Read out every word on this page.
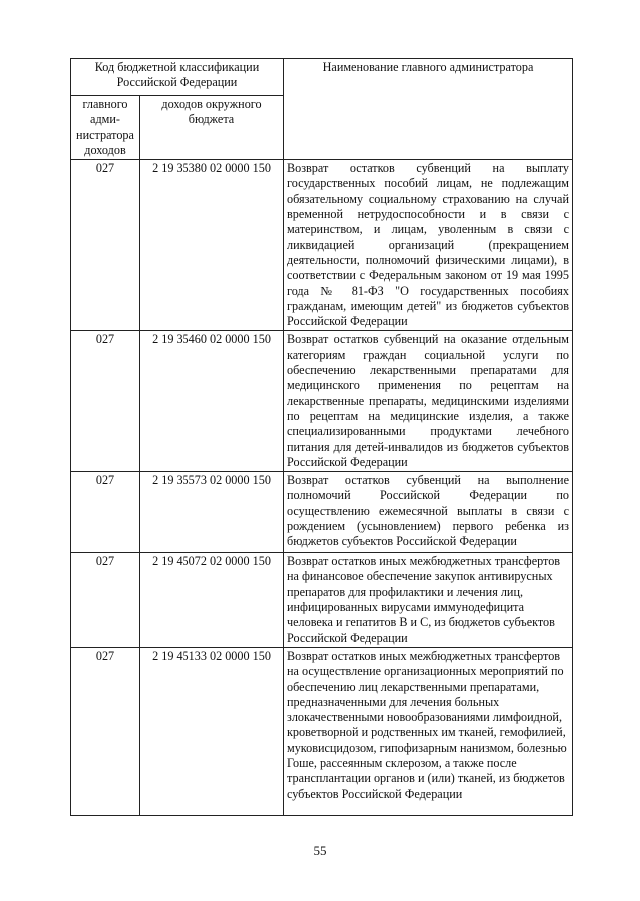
Код бюджетной классификации Российской Федерации		Наименование главного администратора
главного адми-нистратора доходов	доходов окружного бюджета	
027	2 19 35380 02 0000 150	Возврат остатков субвенций на выплату государственных пособий лицам, не подлежащим обязательному социальному страхованию на случай временной нетрудоспособности и в связи с материнством, и лицам, уволенным в связи с ликвидацией организаций (прекращением деятельности, полномочий физическими лицами), в соответствии с Федеральным законом от 19 мая 1995 года № 81-ФЗ "О государственных пособиях гражданам, имеющим детей" из бюджетов субъектов Российской Федерации
027	2 19 35460 02 0000 150	Возврат остатков субвенций на оказание отдельным категориям граждан социальной услуги по обеспечению лекарственными препаратами для медицинского применения по рецептам на лекарственные препараты, медицинскими изделиями по рецептам на медицинские изделия, а также специализированными продуктами лечебного питания для детей-инвалидов из бюджетов субъектов Российской Федерации
027	2 19 35573 02 0000 150	Возврат остатков субвенций на выполнение полномочий Российской Федерации по осуществлению ежемесячной выплаты в связи с рождением (усыновлением) первого ребенка из бюджетов субъектов Российской Федерации
027	2 19 45072 02 0000 150	Возврат остатков иных межбюджетных трансфертов на финансовое обеспечение закупок антивирусных препаратов для профилактики и лечения лиц, инфицированных вирусами иммунодефицита человека и гепатитов В и С, из бюджетов субъектов Российской Федерации
027	2 19 45133 02 0000 150	Возврат остатков иных межбюджетных трансфертов на осуществление организационных мероприятий по обеспечению лиц лекарственными препаратами, предназначенными для лечения больных злокачественными новообразованиями лимфоидной, кроветворной и родственных им тканей, гемофилией, муковисцидозом, гипофизарным нанизмом, болезнью Гоше, рассеянным склерозом, а также после трансплантации органов и (или) тканей, из бюджетов субъектов Российской Федерации
55
